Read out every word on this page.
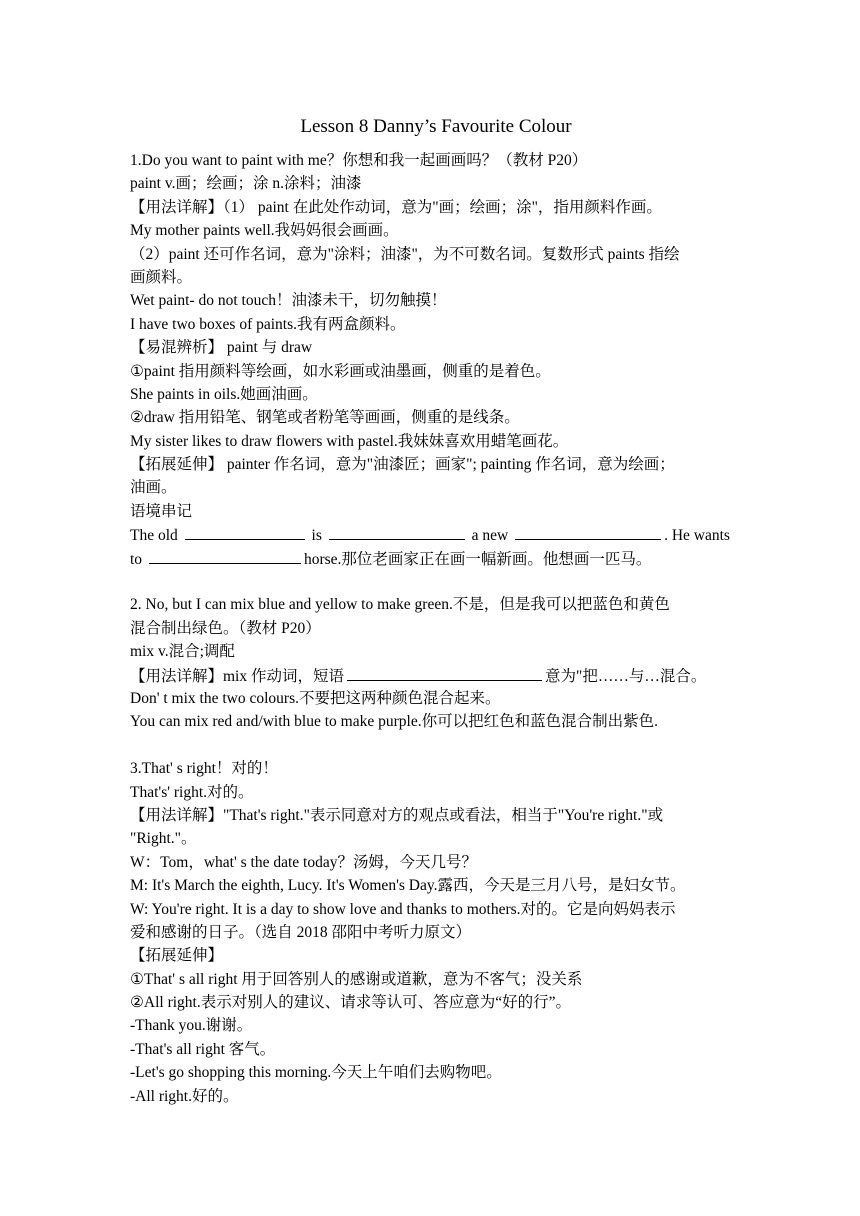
Lesson 8 Danny’s Favourite Colour
1.Do you want to paint with me？你想和我一起画画吗？（教材 P20）
paint v.画；绘画；涂 n.涂料；油漆
【用法详解】（1） paint 在此处作动词，意为"画；绘画；涂"，指用颜料作画。
My mother paints well.我妈妈很会画画。
（2）paint 还可作名词，意为"涂料；油漆"，为不可数名词。复数形式 paints 指绘
画颜料。
Wet paint- do not touch！油漆未干，切勿触摸！
I have two boxes of paints.我有两盒颜料。
【易混辨析】 paint 与 draw
①paint 指用颜料等绘画，如水彩画或油墨画，侧重的是着色。
She paints in oils.她画油画。
②draw 指用铅笔、钢笔或者粉笔等画画，侧重的是线条。
My sister likes to draw flowers with pastel.我妹妹喜欢用蜡笔画花。
【拓展延伸】 painter 作名词，意为"油漆匠；画家"; painting 作名词，意为绘画；
油画。
语境串记
The old	is	a new	. He wants
to	horse.那位老画家正在画一幅新画。他想画一匹马。
2. No, but I can mix blue and yellow to make green.不是，但是我可以把蓝色和黄色
混合制出绿色。（教材 P20）
mix v.混合;调配
【用法详解】mix 作动词，短语	意为"把……与…混合。
Don' t mix the two colours.不要把这两种颜色混合起来。
You can mix red and/with blue to make purple.你可以把红色和蓝色混合制出紫色.
3.That' s right！对的！
That's' right.对的。
【用法详解】"That's right."表示同意对方的观点或看法，相当于"You're right."或
"Right."。
W：Tom，what' s the date today？汤姆，今天几号？
M: It's March the eighth, Lucy. It's Women's Day.露西，今天是三月八号，是妇女节。
W: You're right. It is a day to show love and thanks to mothers.对的。它是向妈妈表示
爱和感谢的日子。（选自 2018 邵阳中考听力原文）
【拓展延伸】
①That' s all right 用于回答别人的感谢或道歉，意为不客气；没关系
②All right.表示对别人的建议、请求等认可、答应意为“好的行”。
-Thank you.谢谢。
-That's all right 客气。
-Let's go shopping this morning.今天上午咱们去购物吧。
-All right.好的。
